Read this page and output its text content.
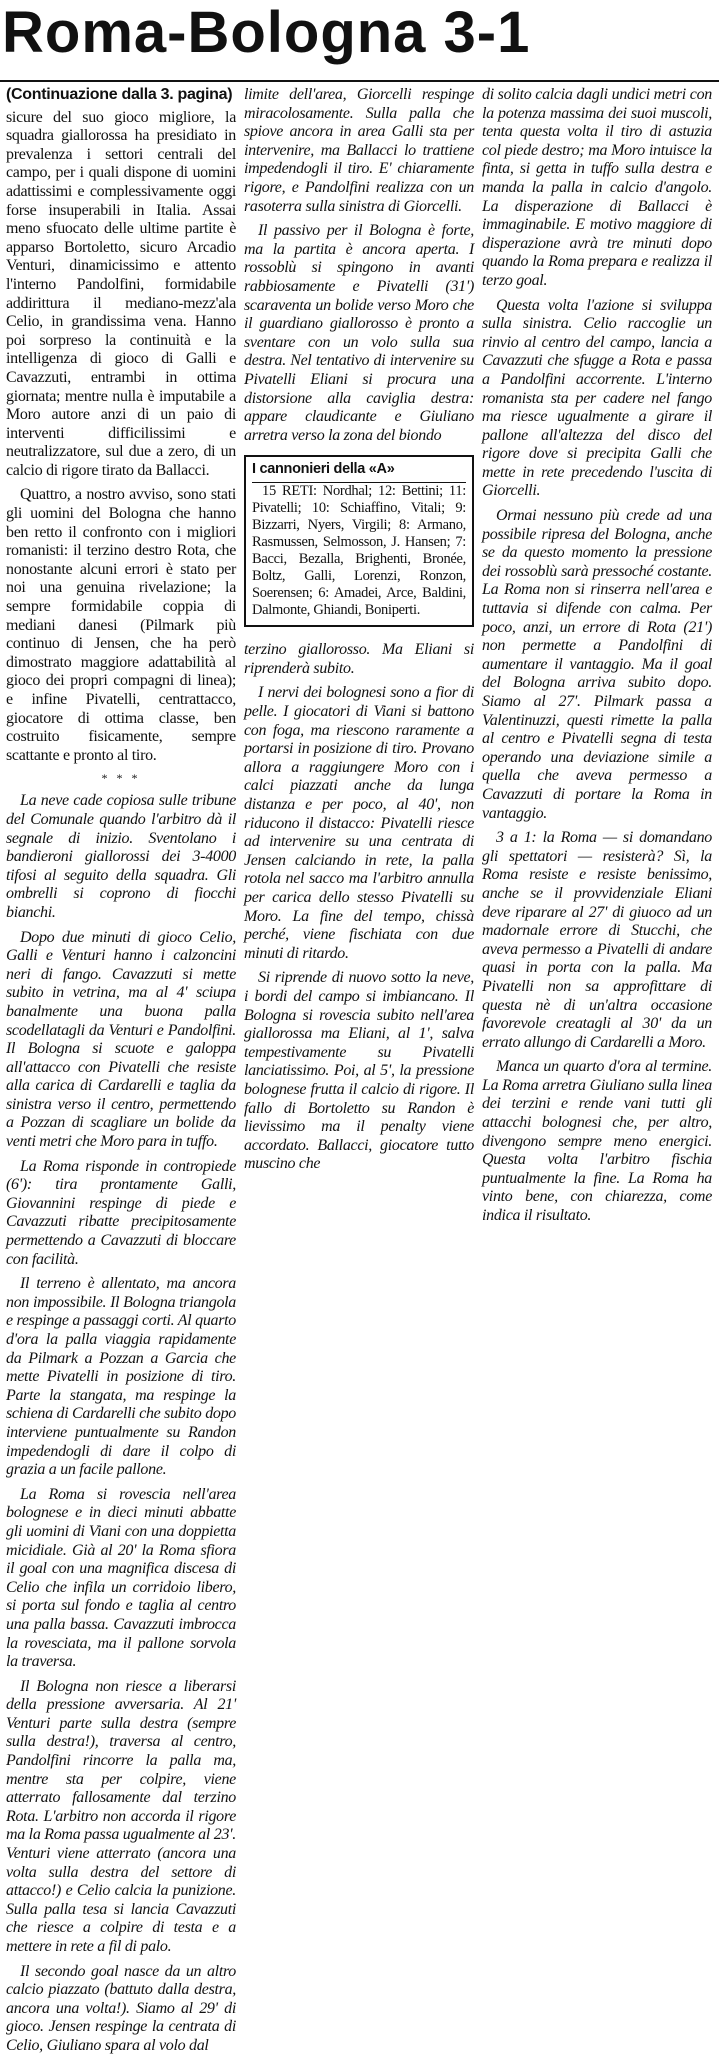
Roma-Bologna 3-1

(Continuazione dalla 3. pagina)

sicure del suo gioco migliore, la squadra giallorossa ha presidiato in prevalenza i settori centrali del campo, per i quali dispone di uomini adattissimi e complessivamente oggi forse insuperabili in Italia. Assai meno sfuocato delle ultime partite è apparso Bortoletto, sicuro Arcadio Venturi, dinamicissimo e attento l'interno Pandolfini, formidabile addirittura il mediano-mezz'ala Celio, in grandissima vena. Hanno poi sorpreso la continuità e la intelligenza di gioco di Galli e Cavazzuti, entrambi in ottima giornata; mentre nulla è imputabile a Moro autore anzi di un paio di interventi difficilissimi e neutralizzatore, sul due a zero, di un calcio di rigore tirato da Ballacci.

Quattro, a nostro avviso, sono stati gli uomini del Bologna che hanno ben retto il confronto con i migliori romanisti: il terzino destro Rota, che nonostante alcuni errori è stato per noi una genuina rivelazione; la sempre formidabile coppia di mediani danesi (Pilmark più continuo di Jensen, che ha però dimostrato maggiore adattabilità al gioco dei propri compagni di linea); e infine Pivatelli, centrattacco, giocatore di ottima classe, ben costruito fisicamente, sempre scattante e pronto al tiro.

* * *

La neve cade copiosa sulle tribune del Comunale quando l'arbitro dà il segnale di inizio. Sventolano i bandieroni giallorossi dei 3-4000 tifosi al seguito della squadra. Gli ombrelli si coprono di fiocchi bianchi.

Dopo due minuti di gioco Celio, Galli e Venturi hanno i calzoncini neri di fango. Cavazzuti si mette subito in vetrina, ma al 4' sciupa banalmente una buona palla scodellatagli da Venturi e Pandolfini. Il Bologna si scuote e galoppa all'attacco con Pivatelli che resiste alla carica di Cardarelli e taglia da sinistra verso il centro, permettendo a Pozzan di scagliare un bolide da venti metri che Moro para in tuffo.

La Roma risponde in contropiede (6'): tira prontamente Galli, Giovannini respinge di piede e Cavazzuti ribatte precipitosamente permettendo a Cavazzuti di bloccare con facilità.

Il terreno è allentato, ma ancora non impossibile. Il Bologna triangola e respinge a passaggi corti. Al quarto d'ora la palla viaggia rapidamente da Pilmark a Pozzan a Garcia che mette Pivatelli in posizione di tiro. Parte la stangata, ma respinge la schiena di Cardarelli che subito dopo interviene puntualmente su Randon impedendogli di dare il colpo di grazia a un facile pallone.

La Roma si rovescia nell'area bolognese e in dieci minuti abbatte gli uomini di Viani con una doppietta micidiale. Già al 20' la Roma sfiora il goal con una magnifica discesa di Celio che infila un corridoio libero, si porta sul fondo e taglia al centro una palla bassa. Cavazzuti imbrocca la rovesciata, ma il pallone sorvola la traversa.

Il Bologna non riesce a liberarsi della pressione avversaria. Al 21' Venturi parte sulla destra (sempre sulla destra!), traversa al centro, Pandolfini rincorre la palla ma, mentre sta per colpire, viene atterrato fallosamente dal terzino Rota. L'arbitro non accorda il rigore ma la Roma passa ugualmente al 23'. Venturi viene atterrato (ancora una volta sulla destra del settore di attacco!) e Celio calcia la punizione. Sulla palla tesa si lancia Cavazzuti che riesce a colpire di testa e a mettere in rete a fil di palo.

Il secondo goal nasce da un altro calcio piazzato (battuto dalla destra, ancora una volta!). Siamo al 29' di gioco. Jensen respinge la centrata di Celio, Giuliano spara al volo dal

limite dell'area, Giorcelli respinge miracolosamente. Sulla palla che spiove ancora in area Galli sta per intervenire, ma Ballacci lo trattiene impedendogli il tiro. E' chiaramente rigore, e Pandolfini realizza con un rasoterra sulla sinistra di Giorcelli.

Il passivo per il Bologna è forte, ma la partita è ancora aperta. I rossoblù si spingono in avanti rabbiosamente e Pivatelli (31') scaraventa un bolide verso Moro che il guardiano giallorosso è pronto a sventare con un volo sulla sua destra. Nel tentativo di intervenire su Pivatelli Eliani si procura una distorsione alla caviglia destra: appare claudicante e Giuliano arretra verso la zona del biondo

I cannonieri della «A»

15 RETI: Nordhal; 12: Bettini; 11: Pivatelli; 10: Schiaffino, Vitali; 9: Bizzarri, Nyers, Virgili; 8: Armano, Rasmussen, Selmosson, J. Hansen; 7: Bacci, Bezalla, Brighenti, Bronée, Boltz, Galli, Lorenzi, Ronzon, Soerensen; 6: Amadei, Arce, Baldini, Dalmonte, Ghiandi, Boniperti.

terzino giallorosso. Ma Eliani si riprenderà subito.

I nervi dei bolognesi sono a fior di pelle. I giocatori di Viani si battono con foga, ma riescono raramente a portarsi in posizione di tiro. Provano allora a raggiungere Moro con i calci piazzati anche da lunga distanza e per poco, al 40', non riducono il distacco: Pivatelli riesce ad intervenire su una centrata di Jensen calciando in rete, la palla rotola nel sacco ma l'arbitro annulla per carica dello stesso Pivatelli su Moro. La fine del tempo, chissà perché, viene fischiata con due minuti di ritardo.

Si riprende di nuovo sotto la neve, i bordi del campo si imbiancano. Il Bologna si rovescia subito nell'area giallorossa ma Eliani, al 1', salva tempestivamente su Pivatelli lanciatissimo. Poi, al 5', la pressione bolognese frutta il calcio di rigore. Il fallo di Bortoletto su Randon è lievissimo ma il penalty viene accordato. Ballacci, giocatore tutto muscino che

di solito calcia dagli undici metri con la potenza massima dei suoi muscoli, tenta questa volta il tiro di astuzia col piede destro; ma Moro intuisce la finta, si getta in tuffo sulla destra e manda la palla in calcio d'angolo. La disperazione di Ballacci è immaginabile. E motivo maggiore di disperazione avrà tre minuti dopo quando la Roma prepara e realizza il terzo goal.

Questa volta l'azione si sviluppa sulla sinistra. Celio raccoglie un rinvio al centro del campo, lancia a Cavazzuti che sfugge a Rota e passa a Pandolfini accorrente. L'interno romanista sta per cadere nel fango ma riesce ugualmente a girare il pallone all'altezza del disco del rigore dove si precipita Galli che mette in rete precedendo l'uscita di Giorcelli.

Ormai nessuno più crede ad una possibile ripresa del Bologna, anche se da questo momento la pressione dei rossoblù sarà pressoché costante. La Roma non si rinserra nell'area e tuttavia si difende con calma. Per poco, anzi, un errore di Rota (21') non permette a Pandolfini di aumentare il vantaggio. Ma il goal del Bologna arriva subito dopo. Siamo al 27'. Pilmark passa a Valentinuzzi, questi rimette la palla al centro e Pivatelli segna di testa operando una deviazione simile a quella che aveva permesso a Cavazzuti di portare la Roma in vantaggio.

3 a 1: la Roma — si domandano gli spettatori — resisterà? Sì, la Roma resiste e resiste benissimo, anche se il provvidenziale Eliani deve riparare al 27' di giuoco ad un madornale errore di Stucchi, che aveva permesso a Pivatelli di andare quasi in porta con la palla. Ma Pivatelli non sa approfittare di questa nè di un'altra occasione favorevole creatagli al 30' da un errato allungo di Cardarelli a Moro.

Manca un quarto d'ora al termine. La Roma arretra Giuliano sulla linea dei terzini e rende vani tutti gli attacchi bolognesi che, per altro, divengono sempre meno energici. Questa volta l'arbitro fischia puntualmente la fine. La Roma ha vinto bene, con chiarezza, come indica il risultato.
